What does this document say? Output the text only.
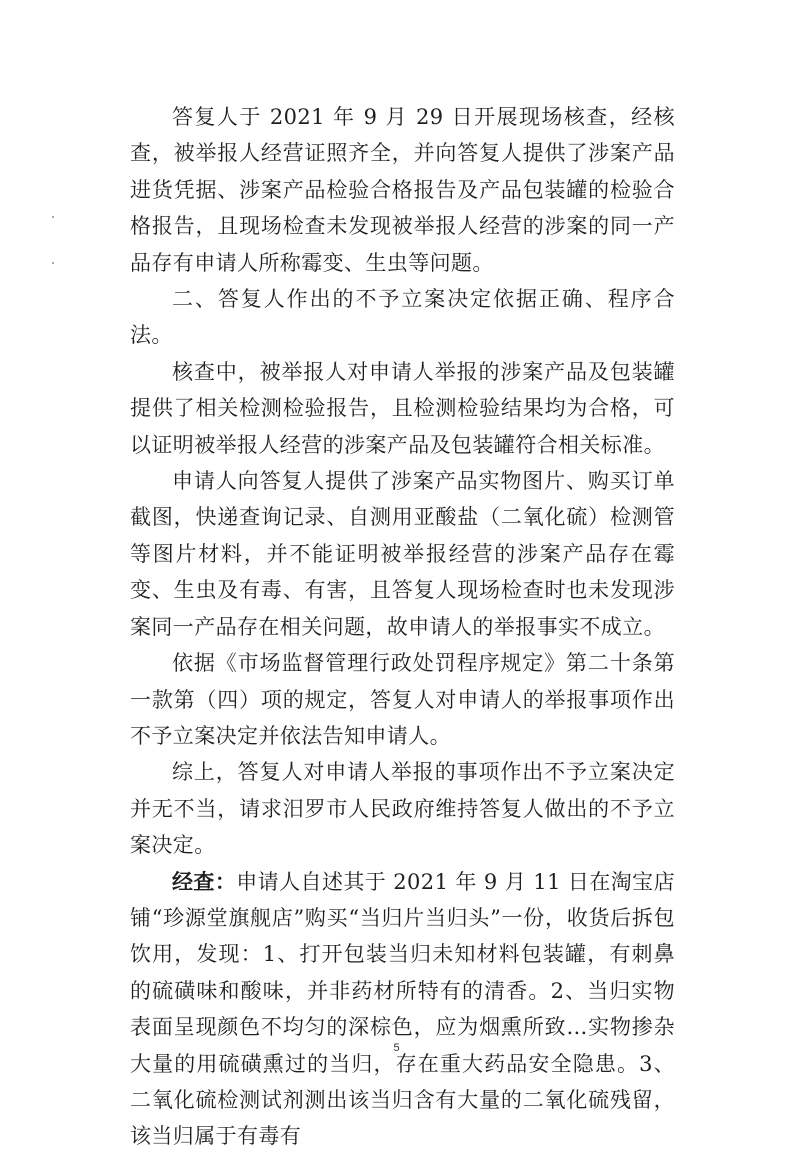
答复人于 2021 年 9 月 29 日开展现场核查，经核查，被举报人经营证照齐全，并向答复人提供了涉案产品进货凭据、涉案产品检验合格报告及产品包装罐的检验合格报告，且现场检查未发现被举报人经营的涉案的同一产品存有申请人所称霉变、生虫等问题。

二、答复人作出的不予立案决定依据正确、程序合法。

核查中，被举报人对申请人举报的涉案产品及包装罐提供了相关检测检验报告，且检测检验结果均为合格，可以证明被举报人经营的涉案产品及包装罐符合相关标准。

申请人向答复人提供了涉案产品实物图片、购买订单截图，快递查询记录、自测用亚酸盐（二氧化硫）检测管等图片材料，并不能证明被举报经营的涉案产品存在霉变、生虫及有毒、有害，且答复人现场检查时也未发现涉案同一产品存在相关问题，故申请人的举报事实不成立。

依据《市场监督管理行政处罚程序规定》第二十条第一款第（四）项的规定，答复人对申请人的举报事项作出不予立案决定并依法告知申请人。

综上，答复人对申请人举报的事项作出不予立案决定并无不当，请求汨罗市人民政府维持答复人做出的不予立案决定。

经查：申请人自述其于 2021 年 9 月 11 日在淘宝店铺“珍源堂旗舰店”购买“当归片当归头”一份，收货后拆包饮用，发现：1、打开包装当归未知材料包装罐，有刺鼻的硫磺味和酸味，并非药材所特有的清香。2、当归实物表面呈现颜色不均匀的深棕色，应为烟熏所致…实物掺杂大量的用硫磺熏过的当归，存在重大药品安全隐患。3、二氧化硫检测试剂测出该当归含有大量的二氧化硫残留，该当归属于有毒有

5
